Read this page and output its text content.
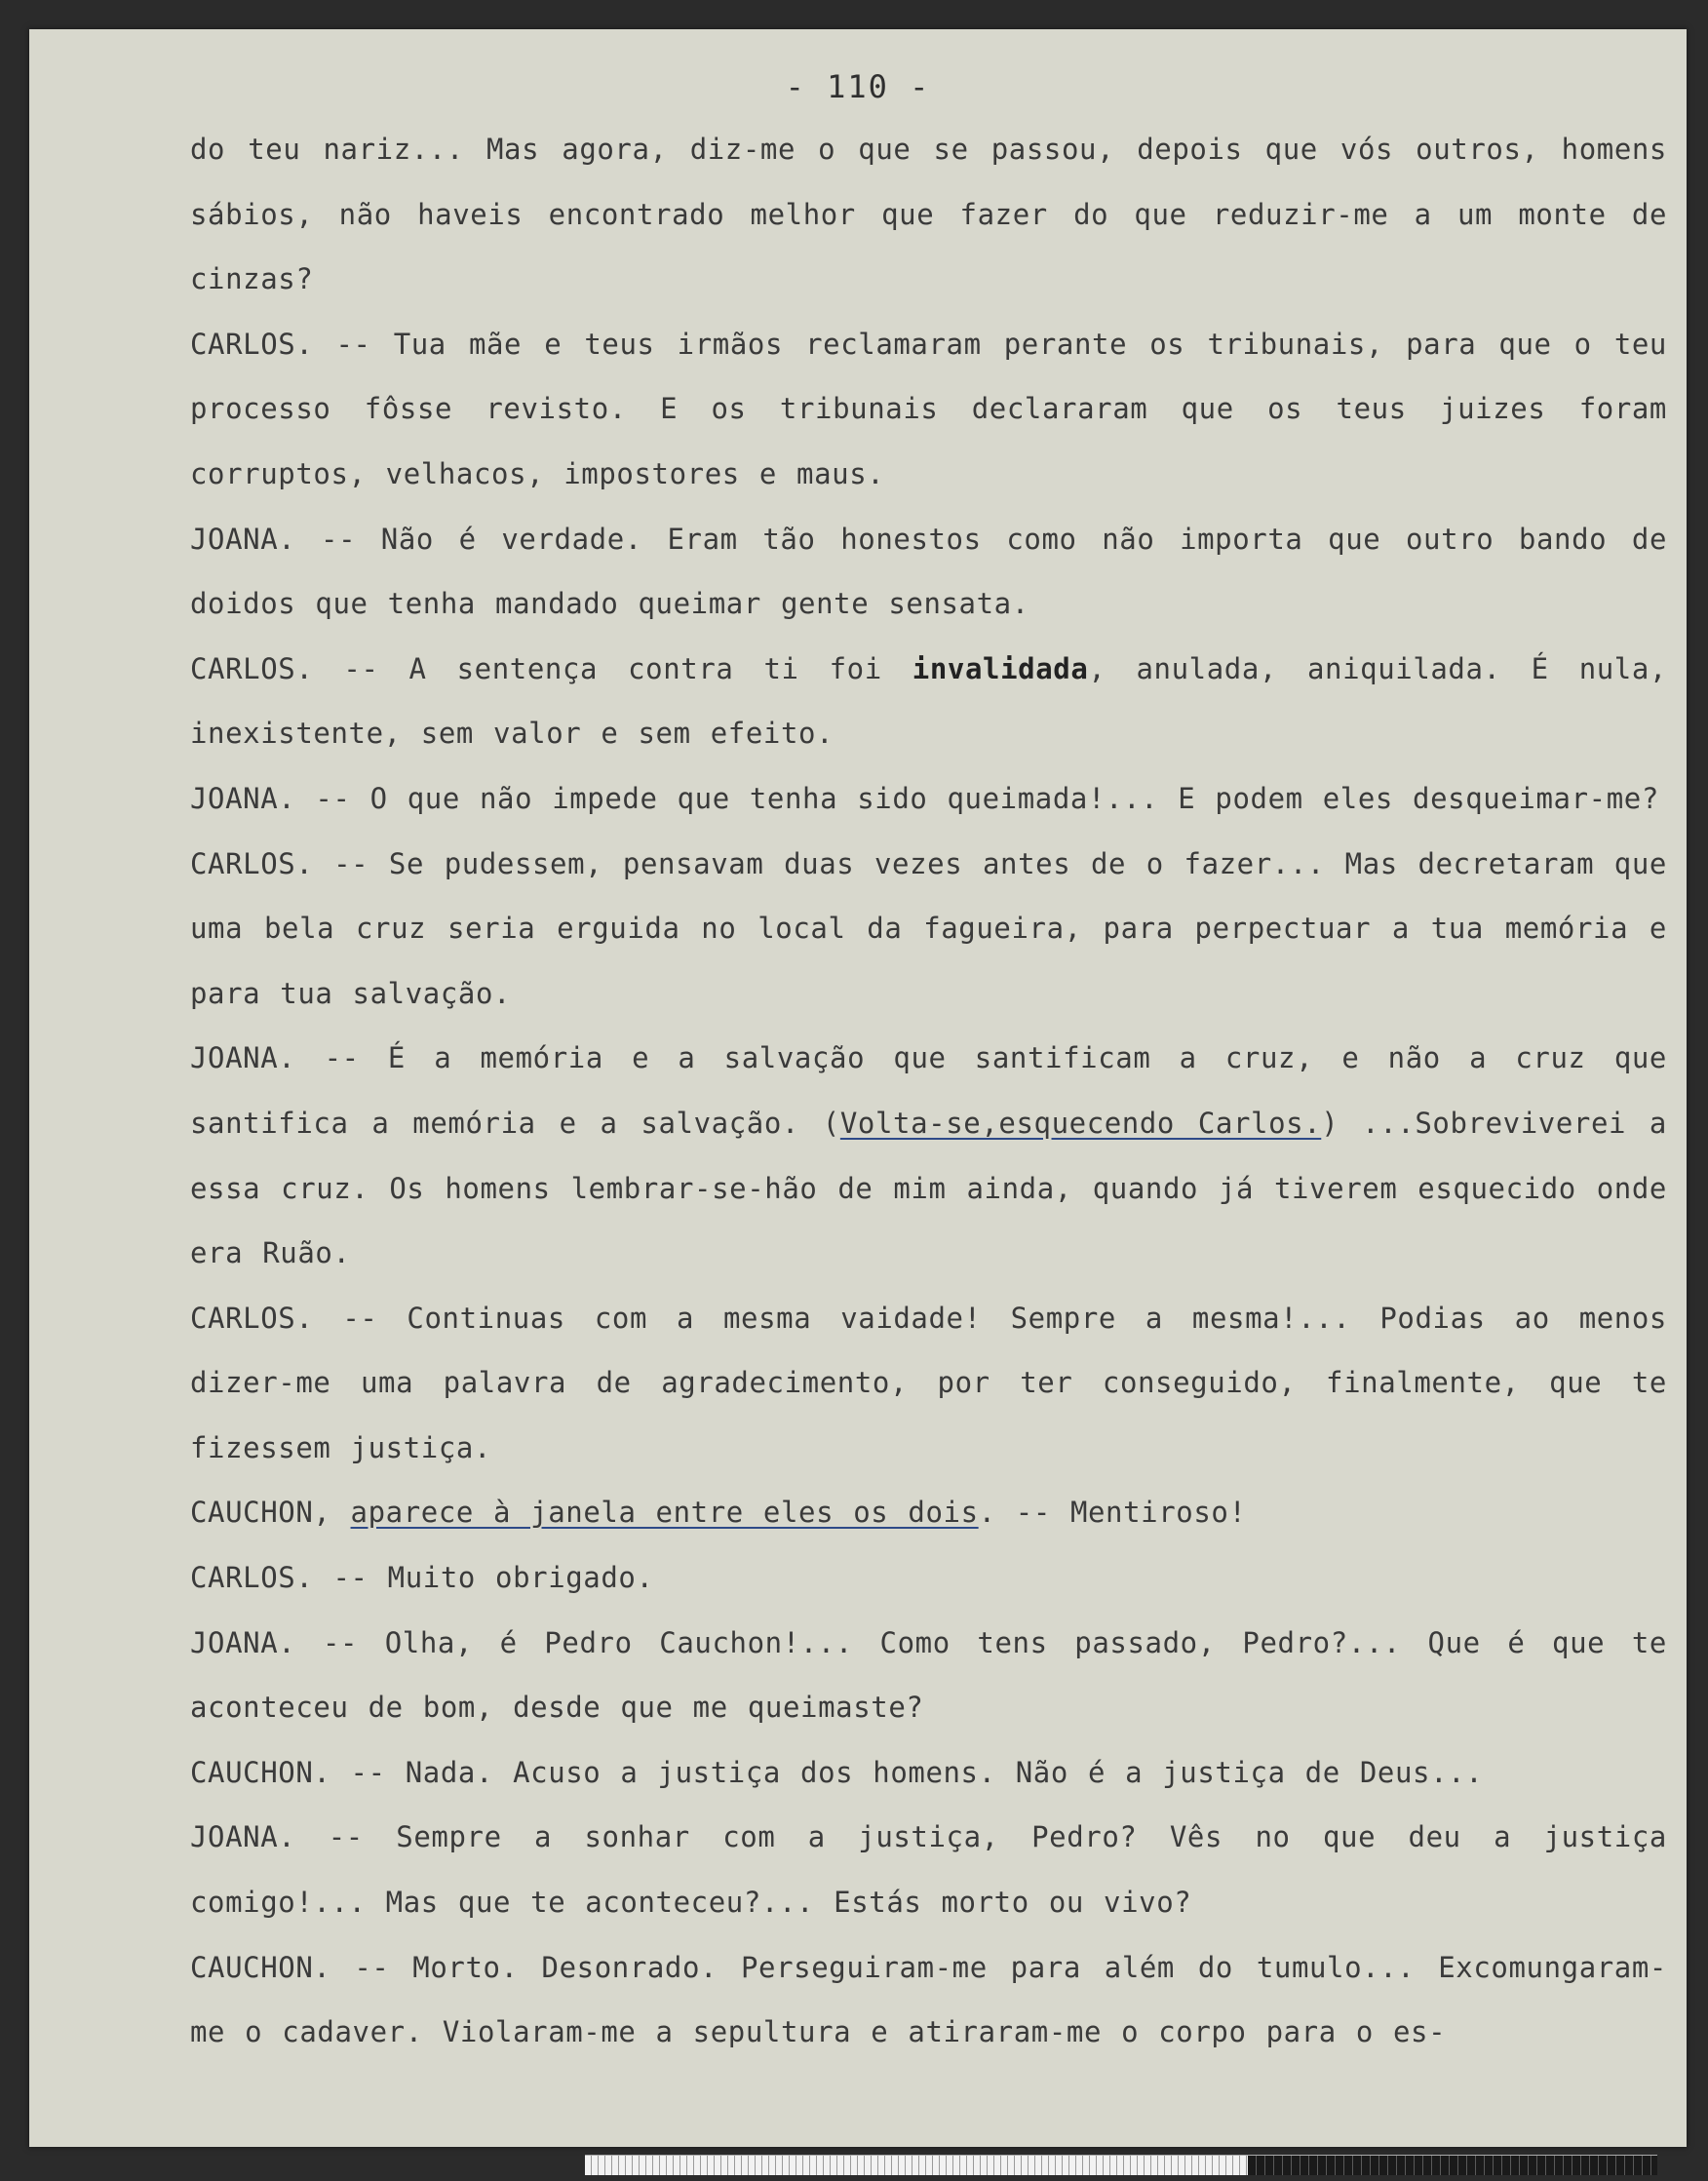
- 110 -

do teu nariz... Mas agora, diz-me o que se passou, depois que vós outros, homens sábios, não haveis encontrado melhor que fazer do que reduzir-me a um monte de cinzas?

CARLOS. -- Tua mãe e teus irmãos reclamaram perante os tribunais, para que o teu processo fôsse revisto. E os tribunais declararam que os teus juizes foram corruptos, velhacos, impostores e maus.

JOANA. -- Não é verdade. Eram tão honestos como não importa que outro bando de doidos que tenha mandado queimar gente sensata.

CARLOS. -- A sentença contra ti foi invalidada, anulada, aniquilada. É nula, inexistente, sem valor e sem efeito.

JOANA. -- O que não impede que tenha sido queimada!... E podem eles desqueimar-me?

CARLOS. -- Se pudessem, pensavam duas vezes antes de o fazer... Mas decretaram que uma bela cruz seria erguida no local da fagueira, para perpectuar a tua memória e para tua salvação.

JOANA. -- É a memória e a salvação que santificam a cruz, e não a cruz que santifica a memória e a salvação. (Volta-se,esquecendo Carlos.) ...Sobreviverei a essa cruz. Os homens lembrar-se-hão de mim ainda, quando já tiverem esquecido onde era Ruão.

CARLOS. -- Continuas com a mesma vaidade! Sempre a mesma!... Podias ao menos dizer-me uma palavra de agradecimento, por ter conseguido, finalmente, que te fizessem justiça.

CAUCHON, aparece à janela entre eles os dois. -- Mentiroso!

CARLOS. -- Muito obrigado.

JOANA. -- Olha, é Pedro Cauchon!... Como tens passado, Pedro?... Que é que te aconteceu de bom, desde que me queimaste?

CAUCHON. -- Nada. Acuso a justiça dos homens. Não é a justiça de Deus...

JOANA. -- Sempre a sonhar com a justiça, Pedro? Vês no que deu a justiça comigo!... Mas que te aconteceu?... Estás morto ou vivo?

CAUCHON. -- Morto. Desonrado. Perseguiram-me para além do tumulo... Excomungaram-me o cadaver. Violaram-me a sepultura e atiraram-me o corpo para o es-
